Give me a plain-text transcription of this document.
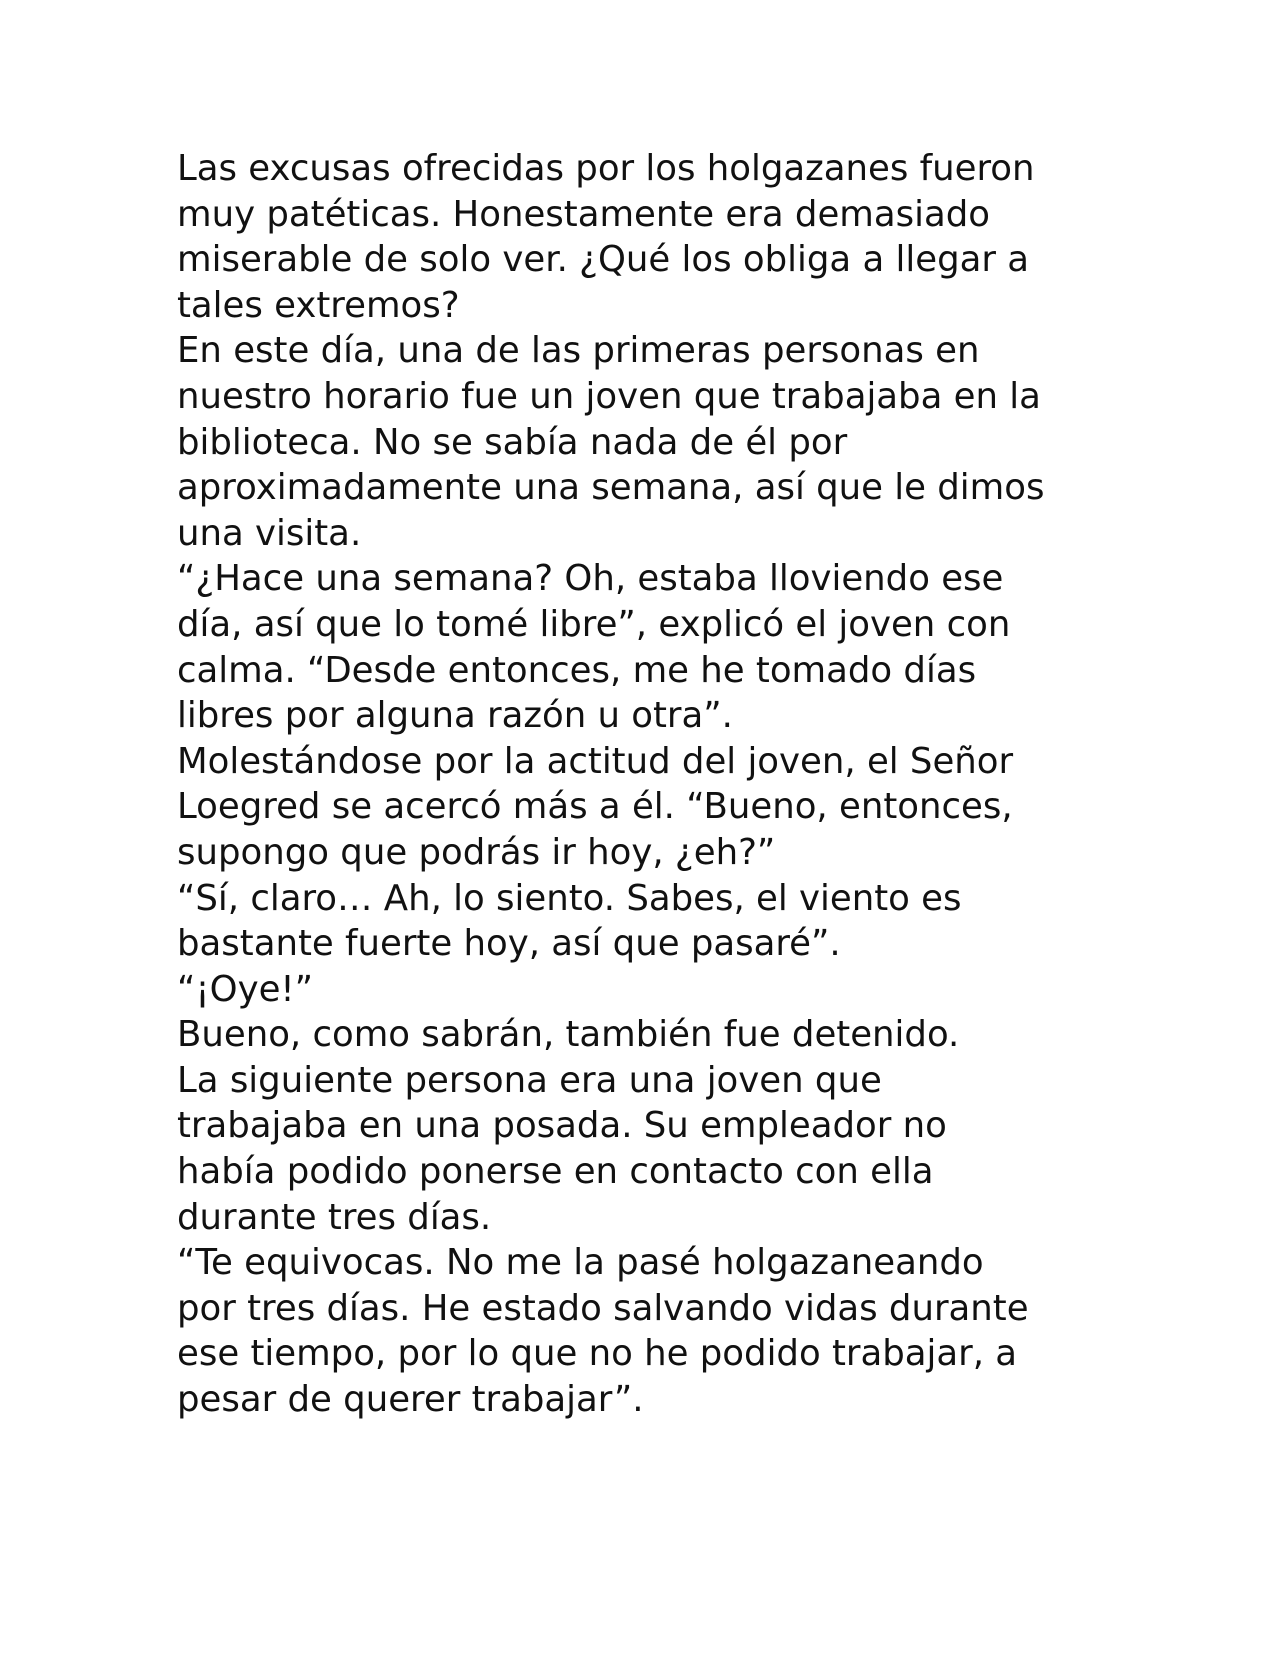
Las excusas ofrecidas por los holgazanes fueron
muy patéticas. Honestamente era demasiado
miserable de solo ver. ¿Qué los obliga a llegar a
tales extremos?
En este día, una de las primeras personas en
nuestro horario fue un joven que trabajaba en la
biblioteca. No se sabía nada de él por
aproximadamente una semana, así que le dimos
una visita.
“¿Hace una semana? Oh, estaba lloviendo ese
día, así que lo tomé libre”, explicó el joven con
calma. “Desde entonces, me he tomado días
libres por alguna razón u otra”.
Molestándose por la actitud del joven, el Señor
Loegred se acercó más a él. “Bueno, entonces,
supongo que podrás ir hoy, ¿eh?”
“Sí, claro… Ah, lo siento. Sabes, el viento es
bastante fuerte hoy, así que pasaré”.
“¡Oye!”
Bueno, como sabrán, también fue detenido.
La siguiente persona era una joven que
trabajaba en una posada. Su empleador no
había podido ponerse en contacto con ella
durante tres días.
“Te equivocas. No me la pasé holgazaneando
por tres días. He estado salvando vidas durante
ese tiempo, por lo que no he podido trabajar, a
pesar de querer trabajar”.
